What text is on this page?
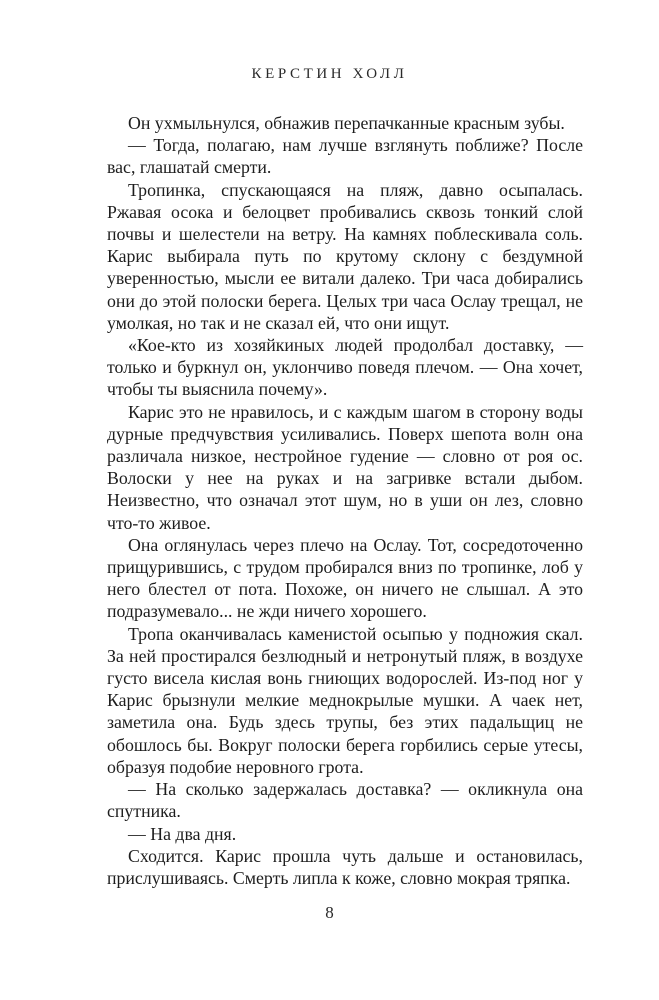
КЕРСТИН ХОЛЛ

Он ухмыльнулся, обнажив перепачканные красным зубы.

— Тогда, полагаю, нам лучше взглянуть поближе? После вас, глашатай смерти.

Тропинка, спускающаяся на пляж, давно осыпалась. Ржавая осока и белоцвет пробивались сквозь тонкий слой почвы и шелестели на ветру. На камнях поблескивала соль. Карис выбирала путь по крутому склону с бездумной уверенностью, мысли ее витали далеко. Три часа добирались они до этой полоски берега. Целых три часа Ослау трещал, не умолкая, но так и не сказал ей, что они ищут.

«Кое-кто из хозяйкиных людей продолбал доставку, — только и буркнул он, уклончиво поведя плечом. — Она хочет, чтобы ты выяснила почему».

Карис это не нравилось, и с каждым шагом в сторону воды дурные предчувствия усиливались. Поверх шепота волн она различала низкое, нестройное гудение — словно от роя ос. Волоски у нее на руках и на загривке встали дыбом. Неизвестно, что означал этот шум, но в уши он лез, словно что-то живое.

Она оглянулась через плечо на Ослау. Тот, сосредоточенно прищурившись, с трудом пробирался вниз по тропинке, лоб у него блестел от пота. Похоже, он ничего не слышал. А это подразумевало... не жди ничего хорошего.

Тропа оканчивалась каменистой осыпью у подножия скал. За ней простирался безлюдный и нетронутый пляж, в воздухе густо висела кислая вонь гниющих водорослей. Из-под ног у Карис брызнули мелкие меднокрылые мушки. А чаек нет, заметила она. Будь здесь трупы, без этих падальщиц не обошлось бы. Вокруг полоски берега горбились серые утесы, образуя подобие неровного грота.

— На сколько задержалась доставка? — окликнула она спутника.

— На два дня.

Сходится. Карис прошла чуть дальше и остановилась, прислушиваясь. Смерть липла к коже, словно мокрая тряпка.

8
